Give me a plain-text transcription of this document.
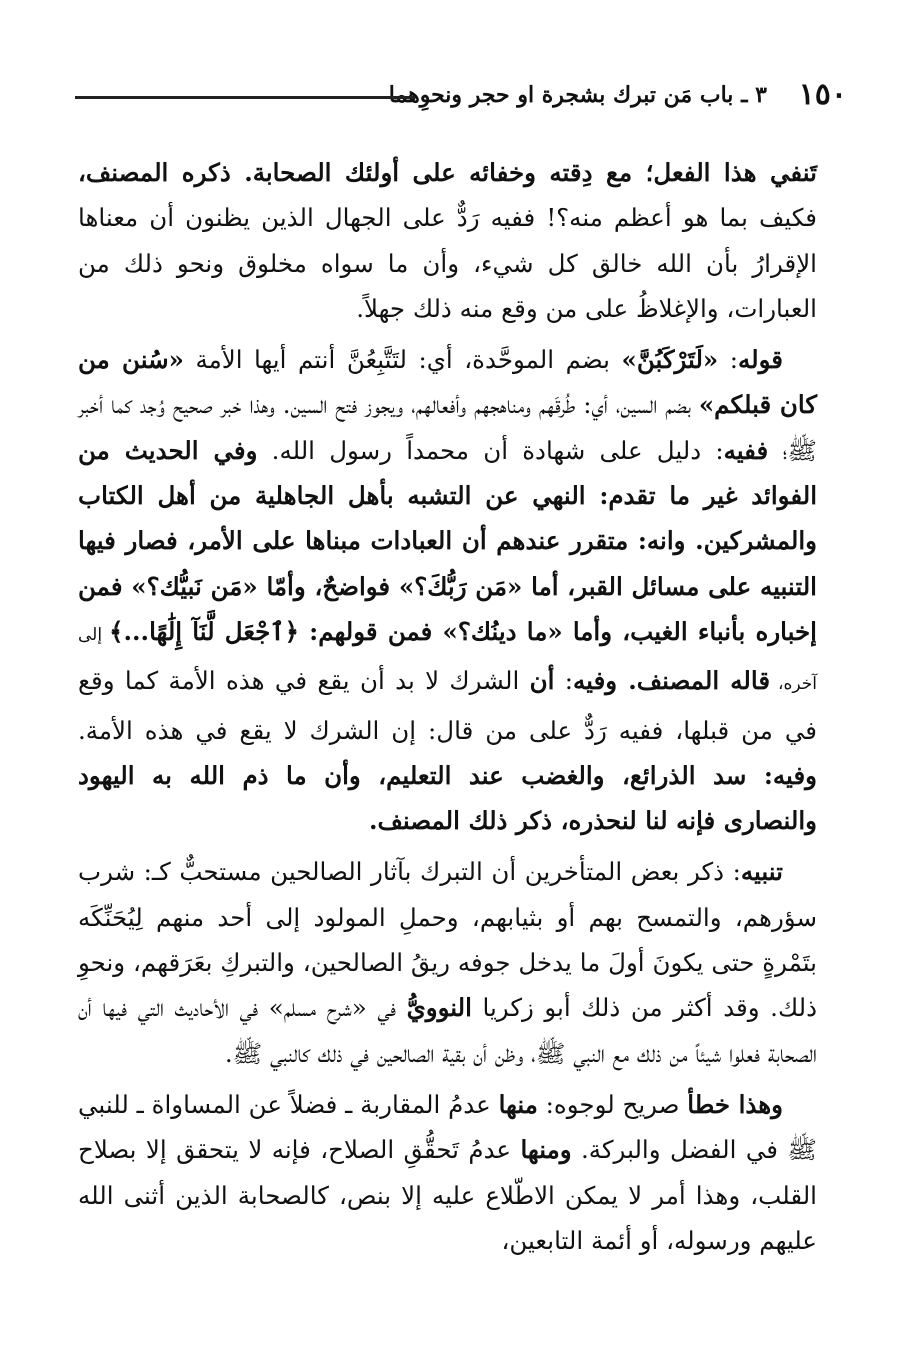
١٥٠
٣ ـ باب مَن تبرك بشجرة او حجر ونحوِهما

تَنفي هذا الفعل؛ مع دِقته وخفائه على أولئك الصحابة. ذكره المصنف، فكيف بما هو أعظم منه؟! ففيه رَدٌّ على الجهال الذين يظنون أن معناها الإقرارُ بأن الله خالق كل شيء، وأن ما سواه مخلوق ونحو ذلك من العبارات، والإغلاظُ على من وقع منه ذلك جهلاً.

قوله: «لَتَرْكَبُنَّ» بضم الموحَّدة، أي: لتَتَّبِعُنَّ أنتم أيها الأمة «سُنن من كان قبلكم» بضم السين، أي: طُرقَهم ومناهجهم وأفعالهم، ويجوز فتح السين. وهذا خبر صحيح وُجد كما أخبر ﷺ؛ ففيه: دليل على شهادة أن محمداً رسول الله. وفي الحديث من الفوائد غير ما تقدم: النهي عن التشبه بأهل الجاهلية من أهل الكتاب والمشركين. وانه: متقرر عندهم أن العبادات مبناها على الأمر، فصار فيها التنبيه على مسائل القبر، أما «مَن رَبُّكَ؟» فواضحٌ، وأمّا «مَن نَبيُّك؟» فمن إخباره بأنباء الغيب، وأما «ما دينُك؟» فمن قولهم: ﴿ٱجْعَل لَّنَآ إِلَٰهًا...﴾ إلى آخره، قاله المصنف. وفيه: أن الشرك لا بد أن يقع في هذه الأمة كما وقع في من قبلها، ففيه رَدٌّ على من قال: إن الشرك لا يقع في هذه الأمة. وفيه: سد الذرائع، والغضب عند التعليم، وأن ما ذم الله به اليهود والنصارى فإنه لنا لنحذره، ذكر ذلك المصنف.

تنبيه: ذكر بعض المتأخرين أن التبرك بآثار الصالحين مستحبٌّ كـ: شرب سؤرهم، والتمسح بهم أو بثيابهم، وحملِ المولود إلى أحد منهم لِيُحَنِّكَه بتَمْرةٍ حتى يكونَ أولَ ما يدخل جوفه ريقُ الصالحين، والتبركِ بعَرَقهم، ونحوِ ذلك. وقد أكثر من ذلك أبو زكريا النوويُّ في «شرح مسلم» في الأحاديث التي فيها أن الصحابة فعلوا شيئاً من ذلك مع النبي ﷺ، وظن أن بقية الصالحين في ذلك كالنبي ﷺ.

وهذا خطأ صريح لوجوه: منها عدمُ المقاربة ـ فضلاً عن المساواة ـ للنبي ﷺ في الفضل والبركة. ومنها عدمُ تَحقُّقِ الصلاح، فإنه لا يتحقق إلا بصلاح القلب، وهذا أمر لا يمكن الاطّلاع عليه إلا بنص، كالصحابة الذين أثنى الله عليهم ورسوله، أو أئمة التابعين،
